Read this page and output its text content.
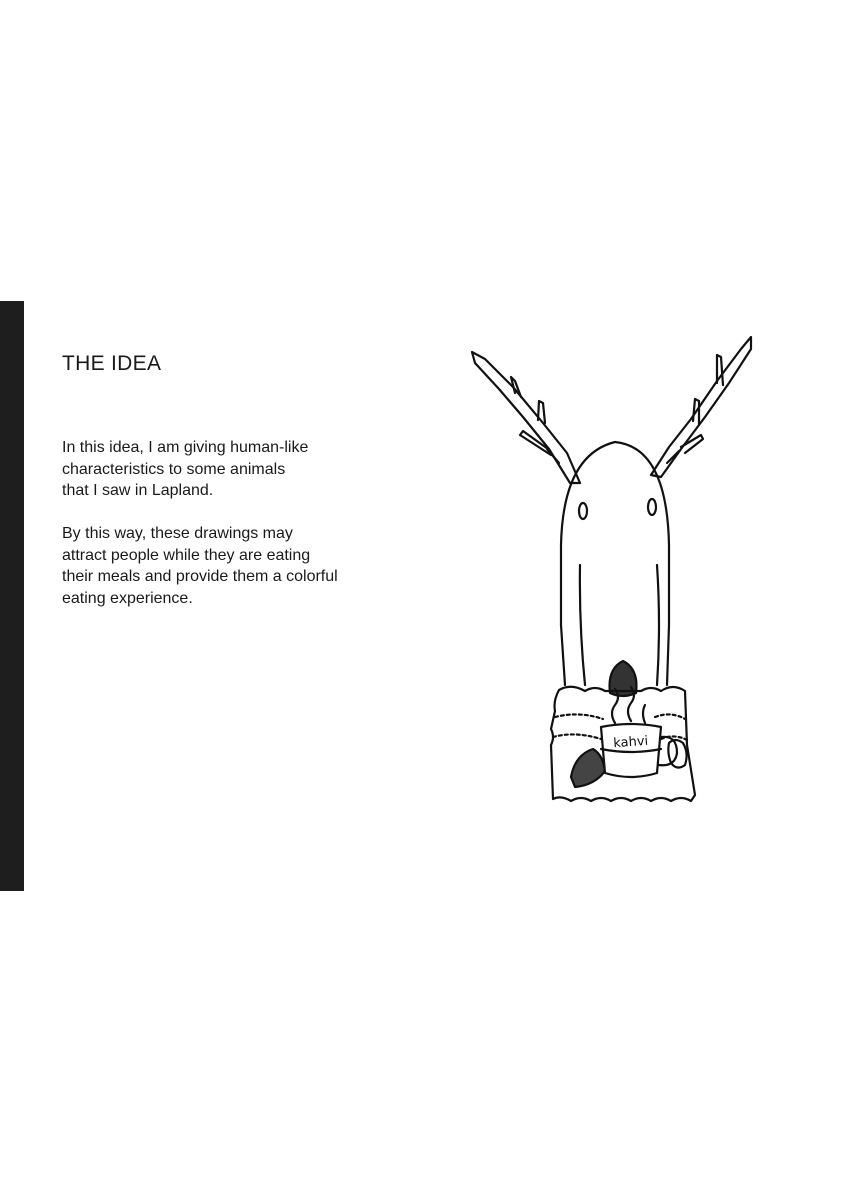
THE IDEA

In this idea, I am giving human-like
characteristics to some animals
that I saw in Lapland.

By this way, these drawings may
attract people while they are eating
their meals and provide them a colorful
eating experience.

kahvi
